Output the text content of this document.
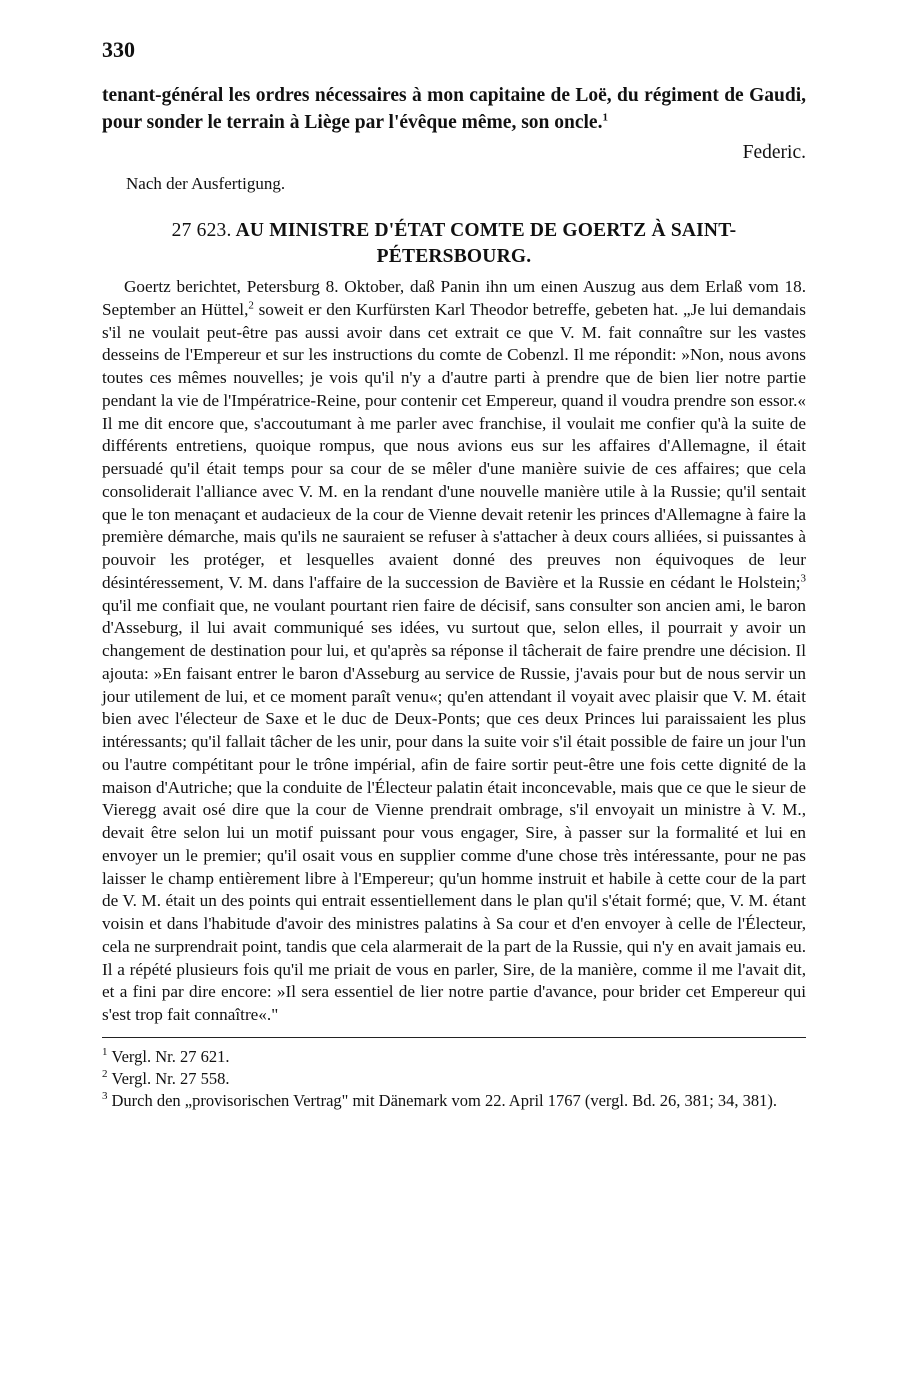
330

tenant-général les ordres nécessaires à mon capitaine de Loë, du régiment de Gaudi, pour sonder le terrain à Liège par l'évêque même, son oncle.$^1$

Federic.
Nach der Ausfertigung.
27 623. AU MINISTRE D'ÉTAT COMTE DE GOERTZ À SAINT-PÉTERSBOURG.

Goertz berichtet, Petersburg 8. Oktober, daß Panin ihn um einen Auszug aus dem Erlaß vom 18. September an Hüttel,$^2$ soweit er den Kurfürsten Karl Theodor betreffe, gebeten hat. „Je lui demandais s'il ne voulait peut-être pas aussi avoir dans cet extrait ce que V. M. fait connaître sur les vastes desseins de l'Empereur et sur les instructions du comte de Cobenzl. Il me répondit: »Non, nous avons toutes ces mêmes nouvelles; je vois qu'il n'y a d'autre parti à prendre que de bien lier notre partie pendant la vie de l'Impératrice-Reine, pour contenir cet Empereur, quand il voudra prendre son essor.« Il me dit encore que, s'accoutumant à me parler avec franchise, il voulait me confier qu'à la suite de différents entretiens, quoique rompus, que nous avions eus sur les affaires d'Allemagne, il était persuadé qu'il était temps pour sa cour de se mêler d'une manière suivie de ces affaires; que cela consoliderait l'alliance avec V. M. en la rendant d'une nouvelle manière utile à la Russie; qu'il sentait que le ton menaçant et audacieux de la cour de Vienne devait retenir les princes d'Allemagne à faire la première démarche, mais qu'ils ne sauraient se refuser à s'attacher à deux cours alliées, si puissantes à pouvoir les protéger, et lesquelles avaient donné des preuves non équivoques de leur désintéressement, V. M. dans l'affaire de la succession de Bavière et la Russie en cédant le Holstein;$^3$ qu'il me confiait que, ne voulant pourtant rien faire de décisif, sans consulter son ancien ami, le baron d'Asseburg, il lui avait communiqué ses idées, vu surtout que, selon elles, il pourrait y avoir un changement de destination pour lui, et qu'après sa réponse il tâcherait de faire prendre une décision. Il ajouta: »En faisant entrer le baron d'Asseburg au service de Russie, j'avais pour but de nous servir un jour utilement de lui, et ce moment paraît venu«; qu'en attendant il voyait avec plaisir que V. M. était bien avec l'électeur de Saxe et le duc de Deux-Ponts; que ces deux Princes lui paraissaient les plus intéressants; qu'il fallait tâcher de les unir, pour dans la suite voir s'il était possible de faire un jour l'un ou l'autre compétitant pour le trône impérial, afin de faire sortir peut-être une fois cette dignité de la maison d'Autriche; que la conduite de l'Électeur palatin était inconcevable, mais que ce que le sieur de Vieregg avait osé dire que la cour de Vienne prendrait ombrage, s'il envoyait un ministre à V. M., devait être selon lui un motif puissant pour vous engager, Sire, à passer sur la formalité et lui en envoyer un le premier; qu'il osait vous en supplier comme d'une chose très intéressante, pour ne pas laisser le champ entièrement libre à l'Empereur; qu'un homme instruit et habile à cette cour de la part de V. M. était un des points qui entrait essentiellement dans le plan qu'il s'était formé; que, V. M. étant voisin et dans l'habitude d'avoir des ministres palatins à Sa cour et d'en envoyer à celle de l'Électeur, cela ne surprendrait point, tandis que cela alarmerait de la part de la Russie, qui n'y en avait jamais eu. Il a répété plusieurs fois qu'il me priait de vous en parler, Sire, de la manière, comme il me l'avait dit, et a fini par dire encore: »Il sera essentiel de lier notre partie d'avance, pour brider cet Empereur qui s'est trop fait connaître«."

$^1$ Vergl. Nr. 27 621.
$^2$ Vergl. Nr. 27 558.
$^3$ Durch den „provisorischen Vertrag" mit Dänemark vom 22. April 1767 (vergl. Bd. 26, 381; 34, 381).
